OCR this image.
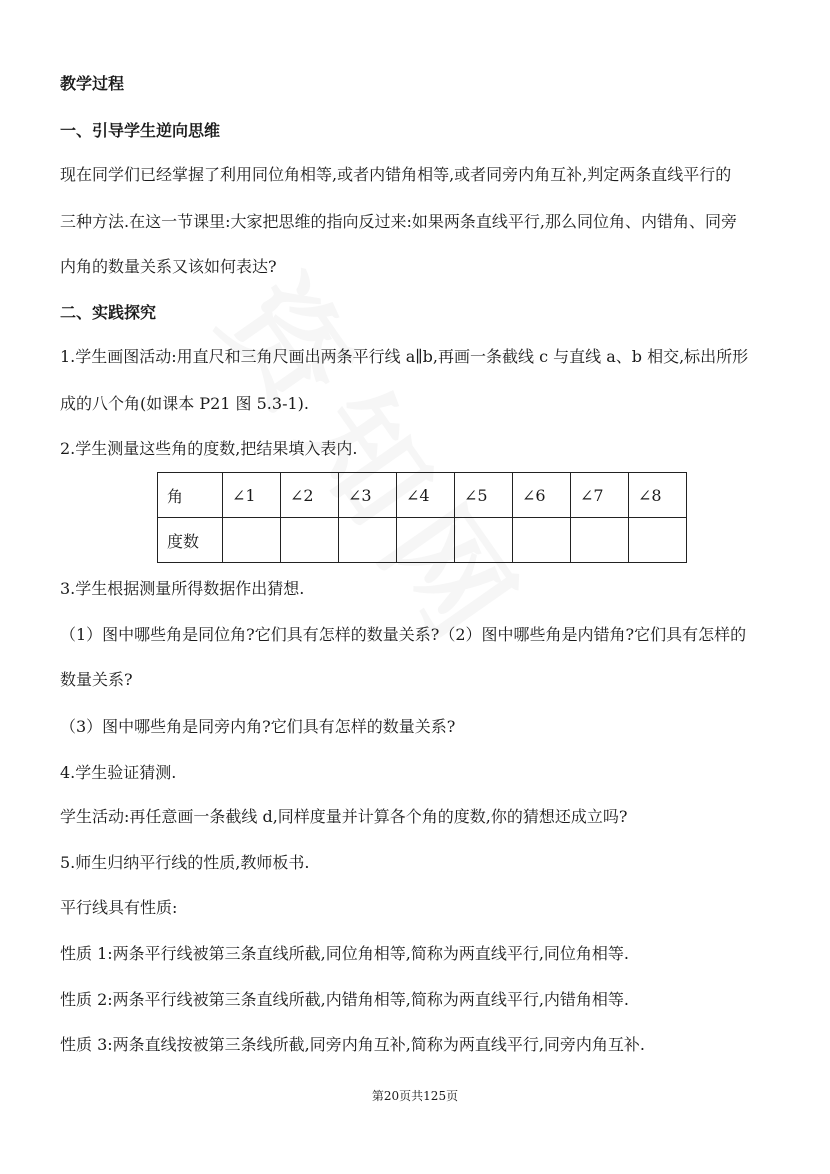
教学过程
一、引导学生逆向思维
现在同学们已经掌握了利用同位角相等,或者内错角相等,或者同旁内角互补,判定两条直线平行的
三种方法.在这一节课里:大家把思维的指向反过来:如果两条直线平行,那么同位角、内错角、同旁
内角的数量关系又该如何表达?
二、实践探究
1.学生画图活动:用直尺和三角尺画出两条平行线 a∥b,再画一条截线 c 与直线 a、b 相交,标出所形
成的八个角(如课本 P21 图 5.3-1).
2.学生测量这些角的度数,把结果填入表内.
角	∠1	∠2	∠3	∠4	∠5	∠6	∠7	∠8
度数								
3.学生根据测量所得数据作出猜想.
（1）图中哪些角是同位角?它们具有怎样的数量关系?（2）图中哪些角是内错角?它们具有怎样的
数量关系?
（3）图中哪些角是同旁内角?它们具有怎样的数量关系?
4.学生验证猜测.
学生活动:再任意画一条截线 d,同样度量并计算各个角的度数,你的猜想还成立吗?
5.师生归纳平行线的性质,教师板书.
平行线具有性质:
性质 1:两条平行线被第三条直线所截,同位角相等,简称为两直线平行,同位角相等.
性质 2:两条平行线被第三条直线所截,内错角相等,简称为两直线平行,内错角相等.
性质 3:两条直线按被第三条线所截,同旁内角互补,简称为两直线平行,同旁内角互补.
第20页共125页
